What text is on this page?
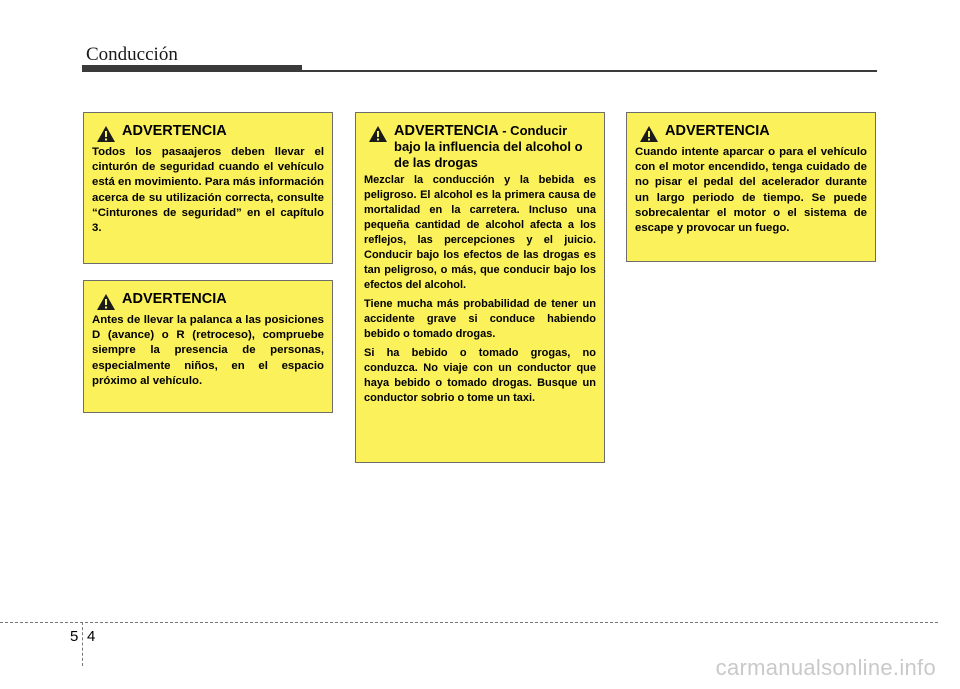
Conducción
ADVERTENCIA

Todos los pasaajeros deben llevar el cinturón de seguridad cuando el vehículo está en movimiento. Para más información acerca de su utilización correcta, consulte “Cinturones de seguridad” en el capítulo 3.

ADVERTENCIA

Antes de llevar la palanca a las posiciones D (avance) o R (retroceso), compruebe siempre la presencia de personas, especialmente niños, en el espacio próximo al vehículo.

ADVERTENCIA - Conducir bajo la influencia del alcohol o de las drogas

Mezclar la conducción y la bebida es peligroso. El alcohol es la primera causa de mortalidad en la carretera. Incluso una pequeña cantidad de alcohol afecta a los reflejos, las percepciones y el juicio. Conducir bajo los efectos de las drogas es tan peligroso, o más, que conducir bajo los efectos del alcohol.

Tiene mucha más probabilidad de tener un accidente grave si conduce habiendo bebido o tomado drogas.

Si ha bebido o tomado grogas, no conduzca. No viaje con un conductor que haya bebido o tomado drogas. Busque un conductor sobrio o tome un taxi.

ADVERTENCIA

Cuando intente aparcar o para el vehículo con el motor encendido, tenga cuidado de no pisar el pedal del acelerador durante un largo periodo de tiempo. Se puede sobrecalentar el motor o el sistema de escape y provocar un fuego.

5 4
carmanualsonline.info
